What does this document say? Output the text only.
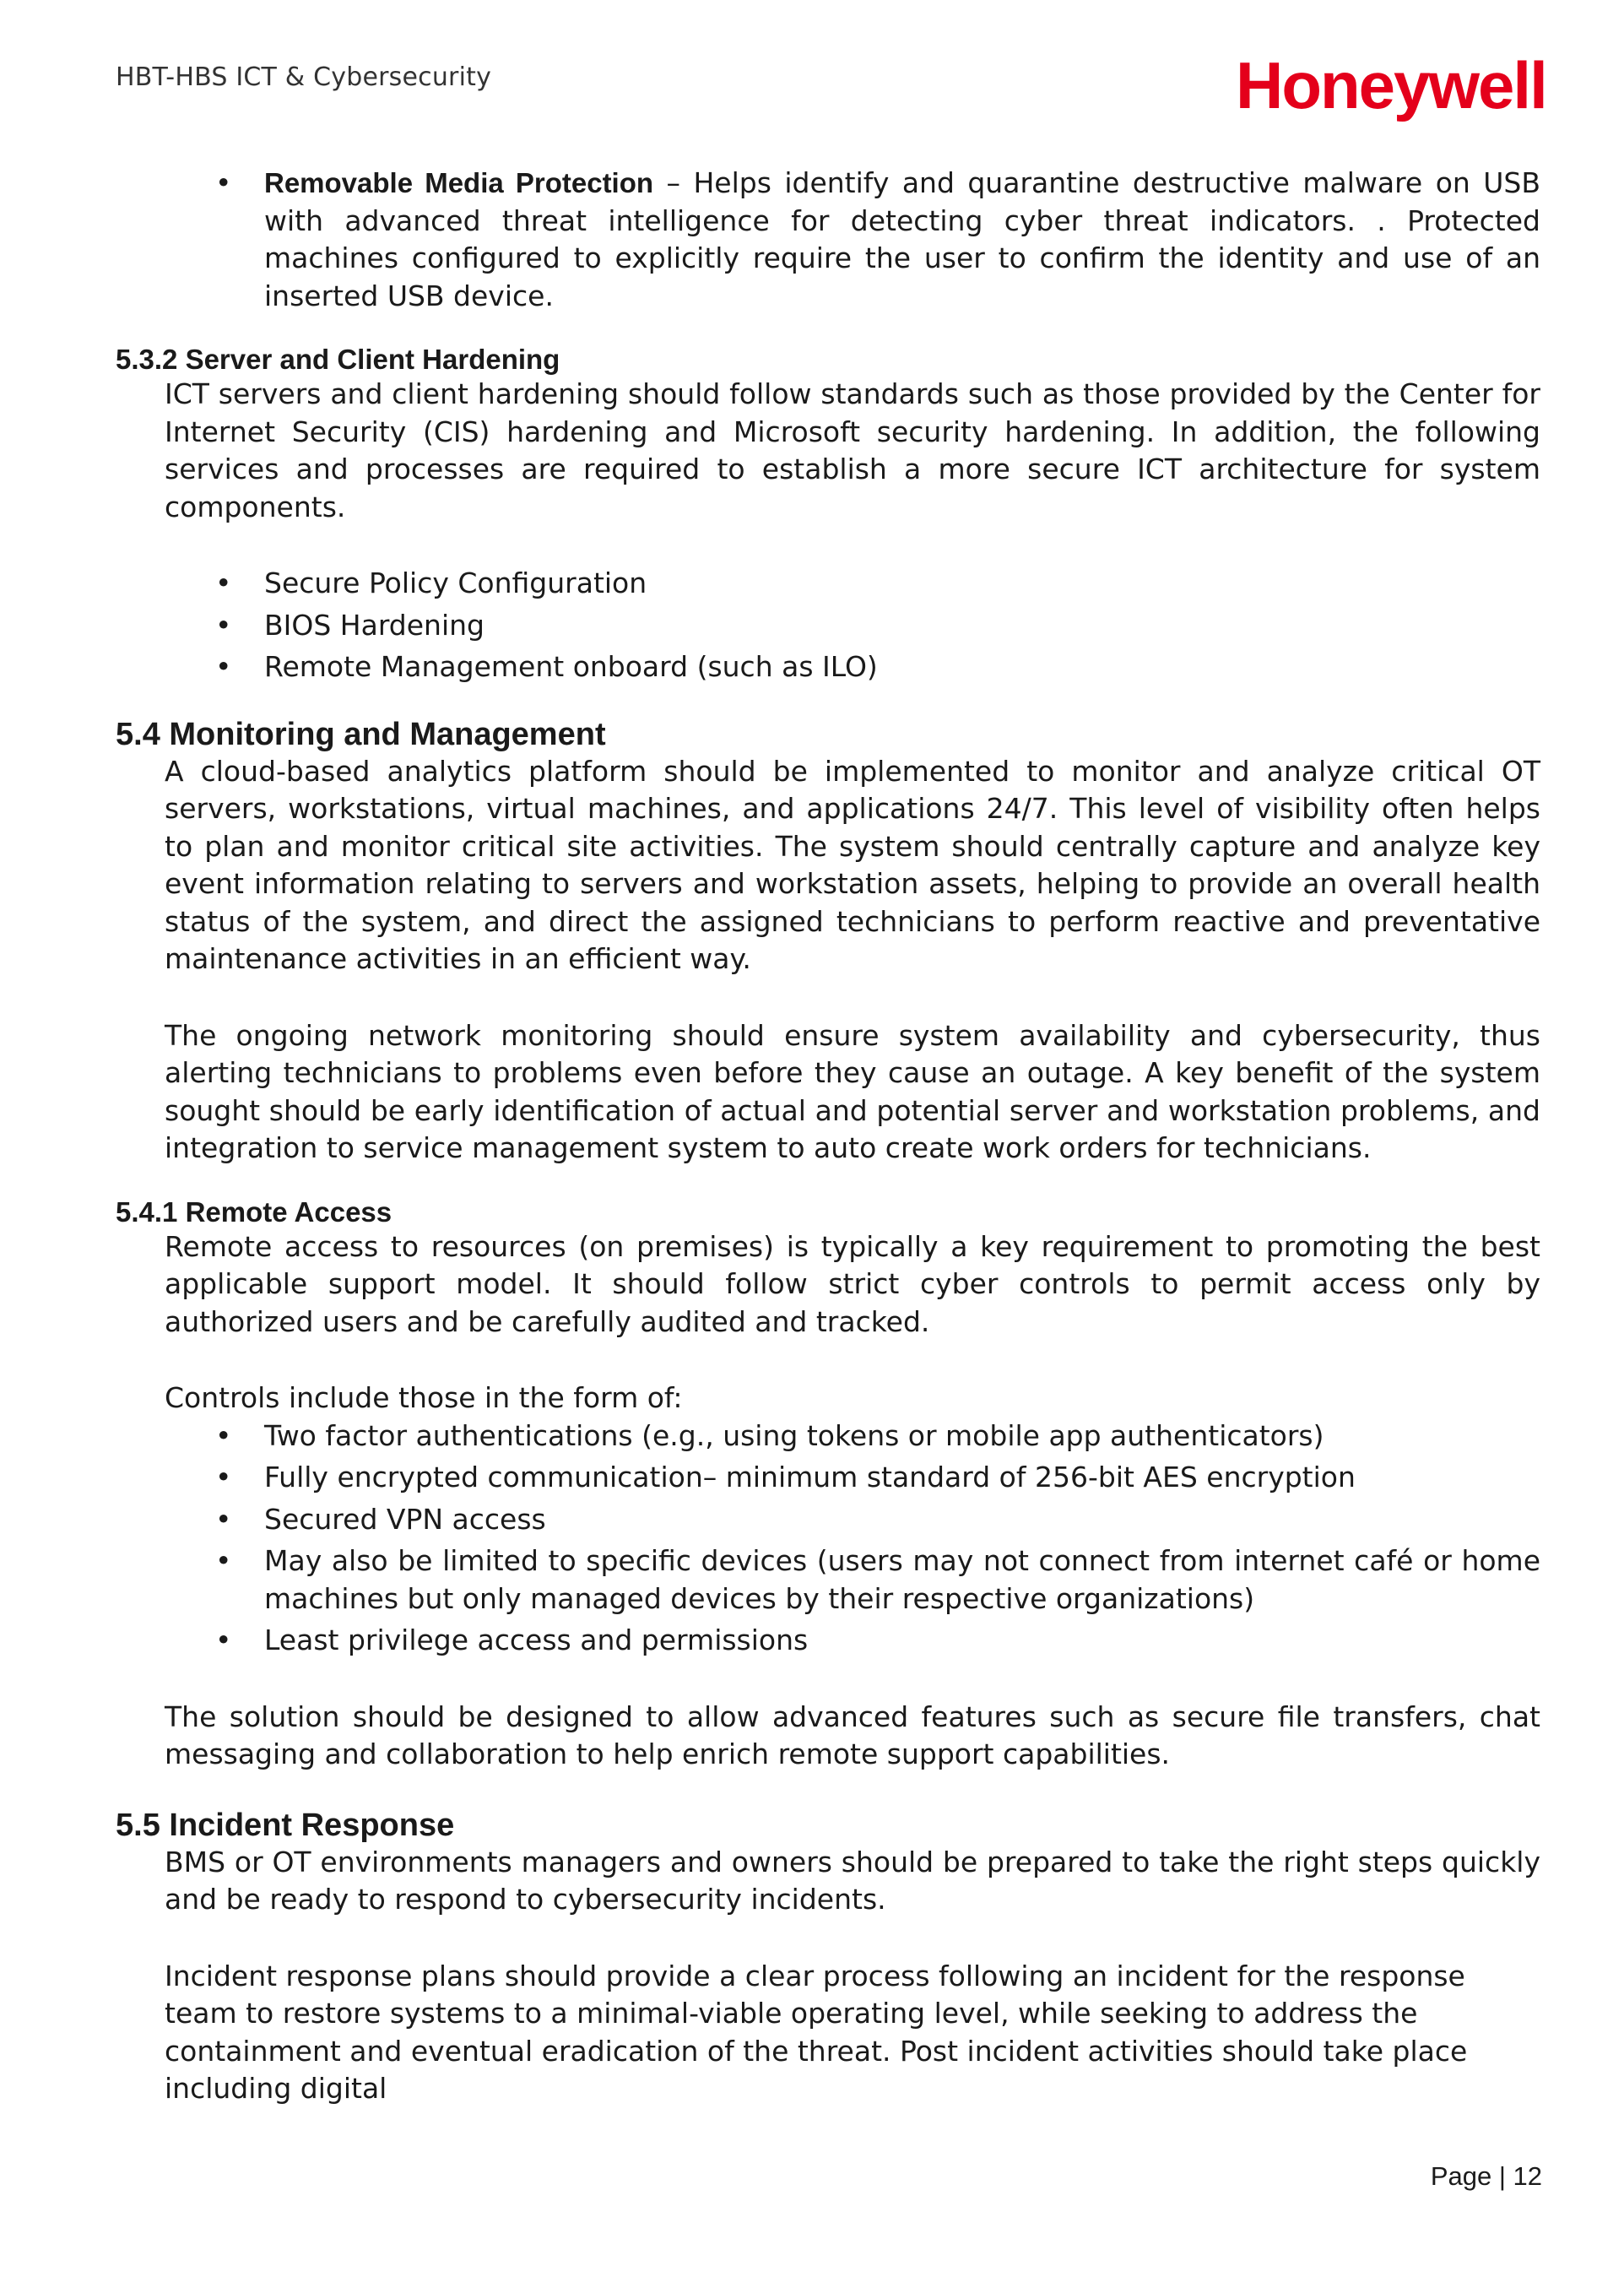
HBT-HBS ICT & Cybersecurity	Honeywell
• Removable Media Protection – Helps identify and quarantine destructive malware on USB with advanced threat intelligence for detecting cyber threat indicators. . Protected machines configured to explicitly require the user to confirm the identity and use of an inserted USB device.
5.3.2 Server and Client Hardening

ICT servers and client hardening should follow standards such as those provided by the Center for Internet Security (CIS) hardening and Microsoft security hardening. In addition, the following services and processes are required to establish a more secure ICT architecture for system components.

• Secure Policy Configuration
• BIOS Hardening
• Remote Management onboard (such as ILO)
5.4 Monitoring and Management

A cloud-based analytics platform should be implemented to monitor and analyze critical OT servers, workstations, virtual machines, and applications 24/7. This level of visibility often helps to plan and monitor critical site activities. The system should centrally capture and analyze key event information relating to servers and workstation assets, helping to provide an overall health status of the system, and direct the assigned technicians to perform reactive and preventative maintenance activities in an efficient way.

The ongoing network monitoring should ensure system availability and cybersecurity, thus alerting technicians to problems even before they cause an outage. A key benefit of the system sought should be early identification of actual and potential server and workstation problems, and integration to service management system to auto create work orders for technicians.

5.4.1 Remote Access

Remote access to resources (on premises) is typically a key requirement to promoting the best applicable support model. It should follow strict cyber controls to permit access only by authorized users and be carefully audited and tracked.

Controls include those in the form of:

• Two factor authentications (e.g., using tokens or mobile app authenticators)
• Fully encrypted communication– minimum standard of 256-bit AES encryption
• Secured VPN access
• May also be limited to specific devices (users may not connect from internet café or home machines but only managed devices by their respective organizations)
• Least privilege access and permissions

The solution should be designed to allow advanced features such as secure file transfers, chat messaging and collaboration to help enrich remote support capabilities.

5.5 Incident Response

BMS or OT environments managers and owners should be prepared to take the right steps quickly and be ready to respond to cybersecurity incidents.

Incident response plans should provide a clear process following an incident for the response team to restore systems to a minimal-viable operating level, while seeking to address the containment and eventual eradication of the threat. Post incident activities should take place including digital

Page | 12
